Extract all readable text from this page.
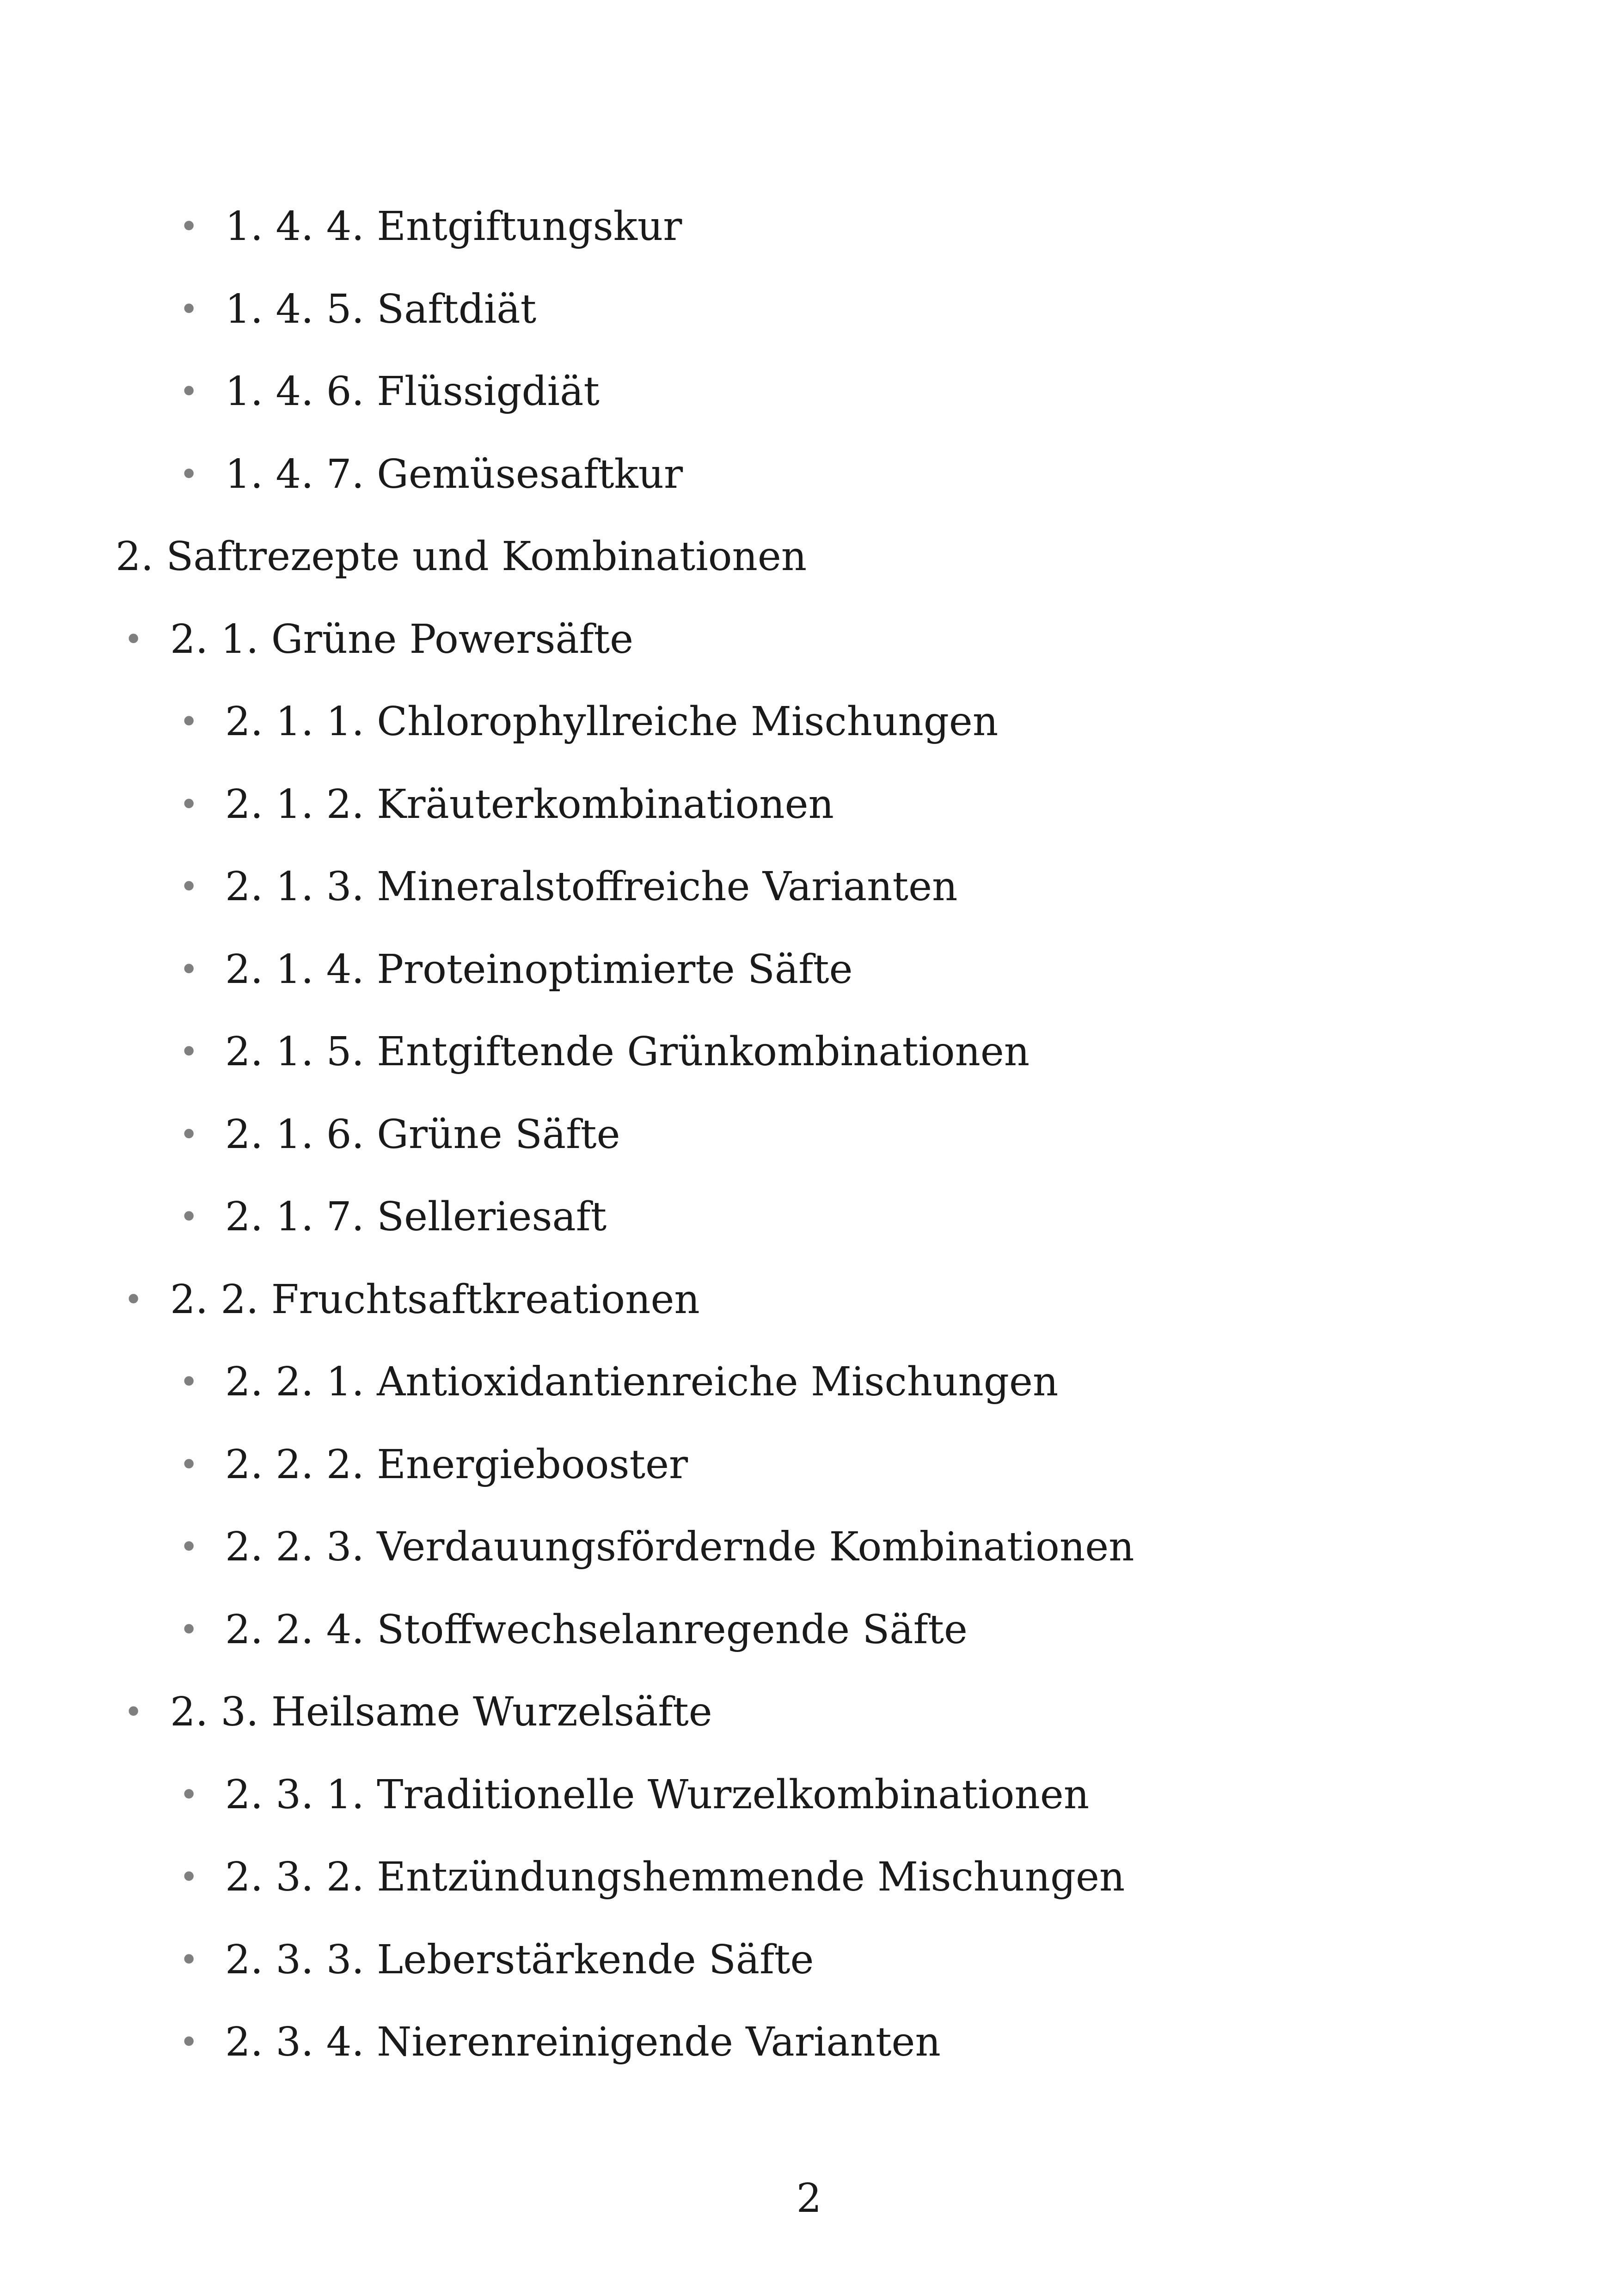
• 1. 4. 4. Entgiftungskur
• 1. 4. 5. Saftdiät
• 1. 4. 6. Flüssigdiät
• 1. 4. 7. Gemüsesaftkur
2. Saftrezepte und Kombinationen
• 2. 1. Grüne Powersäfte
• 2. 1. 1. Chlorophyllreiche Mischungen
• 2. 1. 2. Kräuterkombinationen
• 2. 1. 3. Mineralstoffreiche Varianten
• 2. 1. 4. Proteinoptimierte Säfte
• 2. 1. 5. Entgiftende Grünkombinationen
• 2. 1. 6. Grüne Säfte
• 2. 1. 7. Selleriesaft
• 2. 2. Fruchtsaftkreationen
• 2. 2. 1. Antioxidantienreiche Mischungen
• 2. 2. 2. Energiebooster
• 2. 2. 3. Verdauungsfördernde Kombinationen
• 2. 2. 4. Stoffwechselanregende Säfte
• 2. 3. Heilsame Wurzelsäfte
• 2. 3. 1. Traditionelle Wurzelkombinationen
• 2. 3. 2. Entzündungshemmende Mischungen
• 2. 3. 3. Leberstärkende Säfte
• 2. 3. 4. Nierenreinigende Varianten
2
